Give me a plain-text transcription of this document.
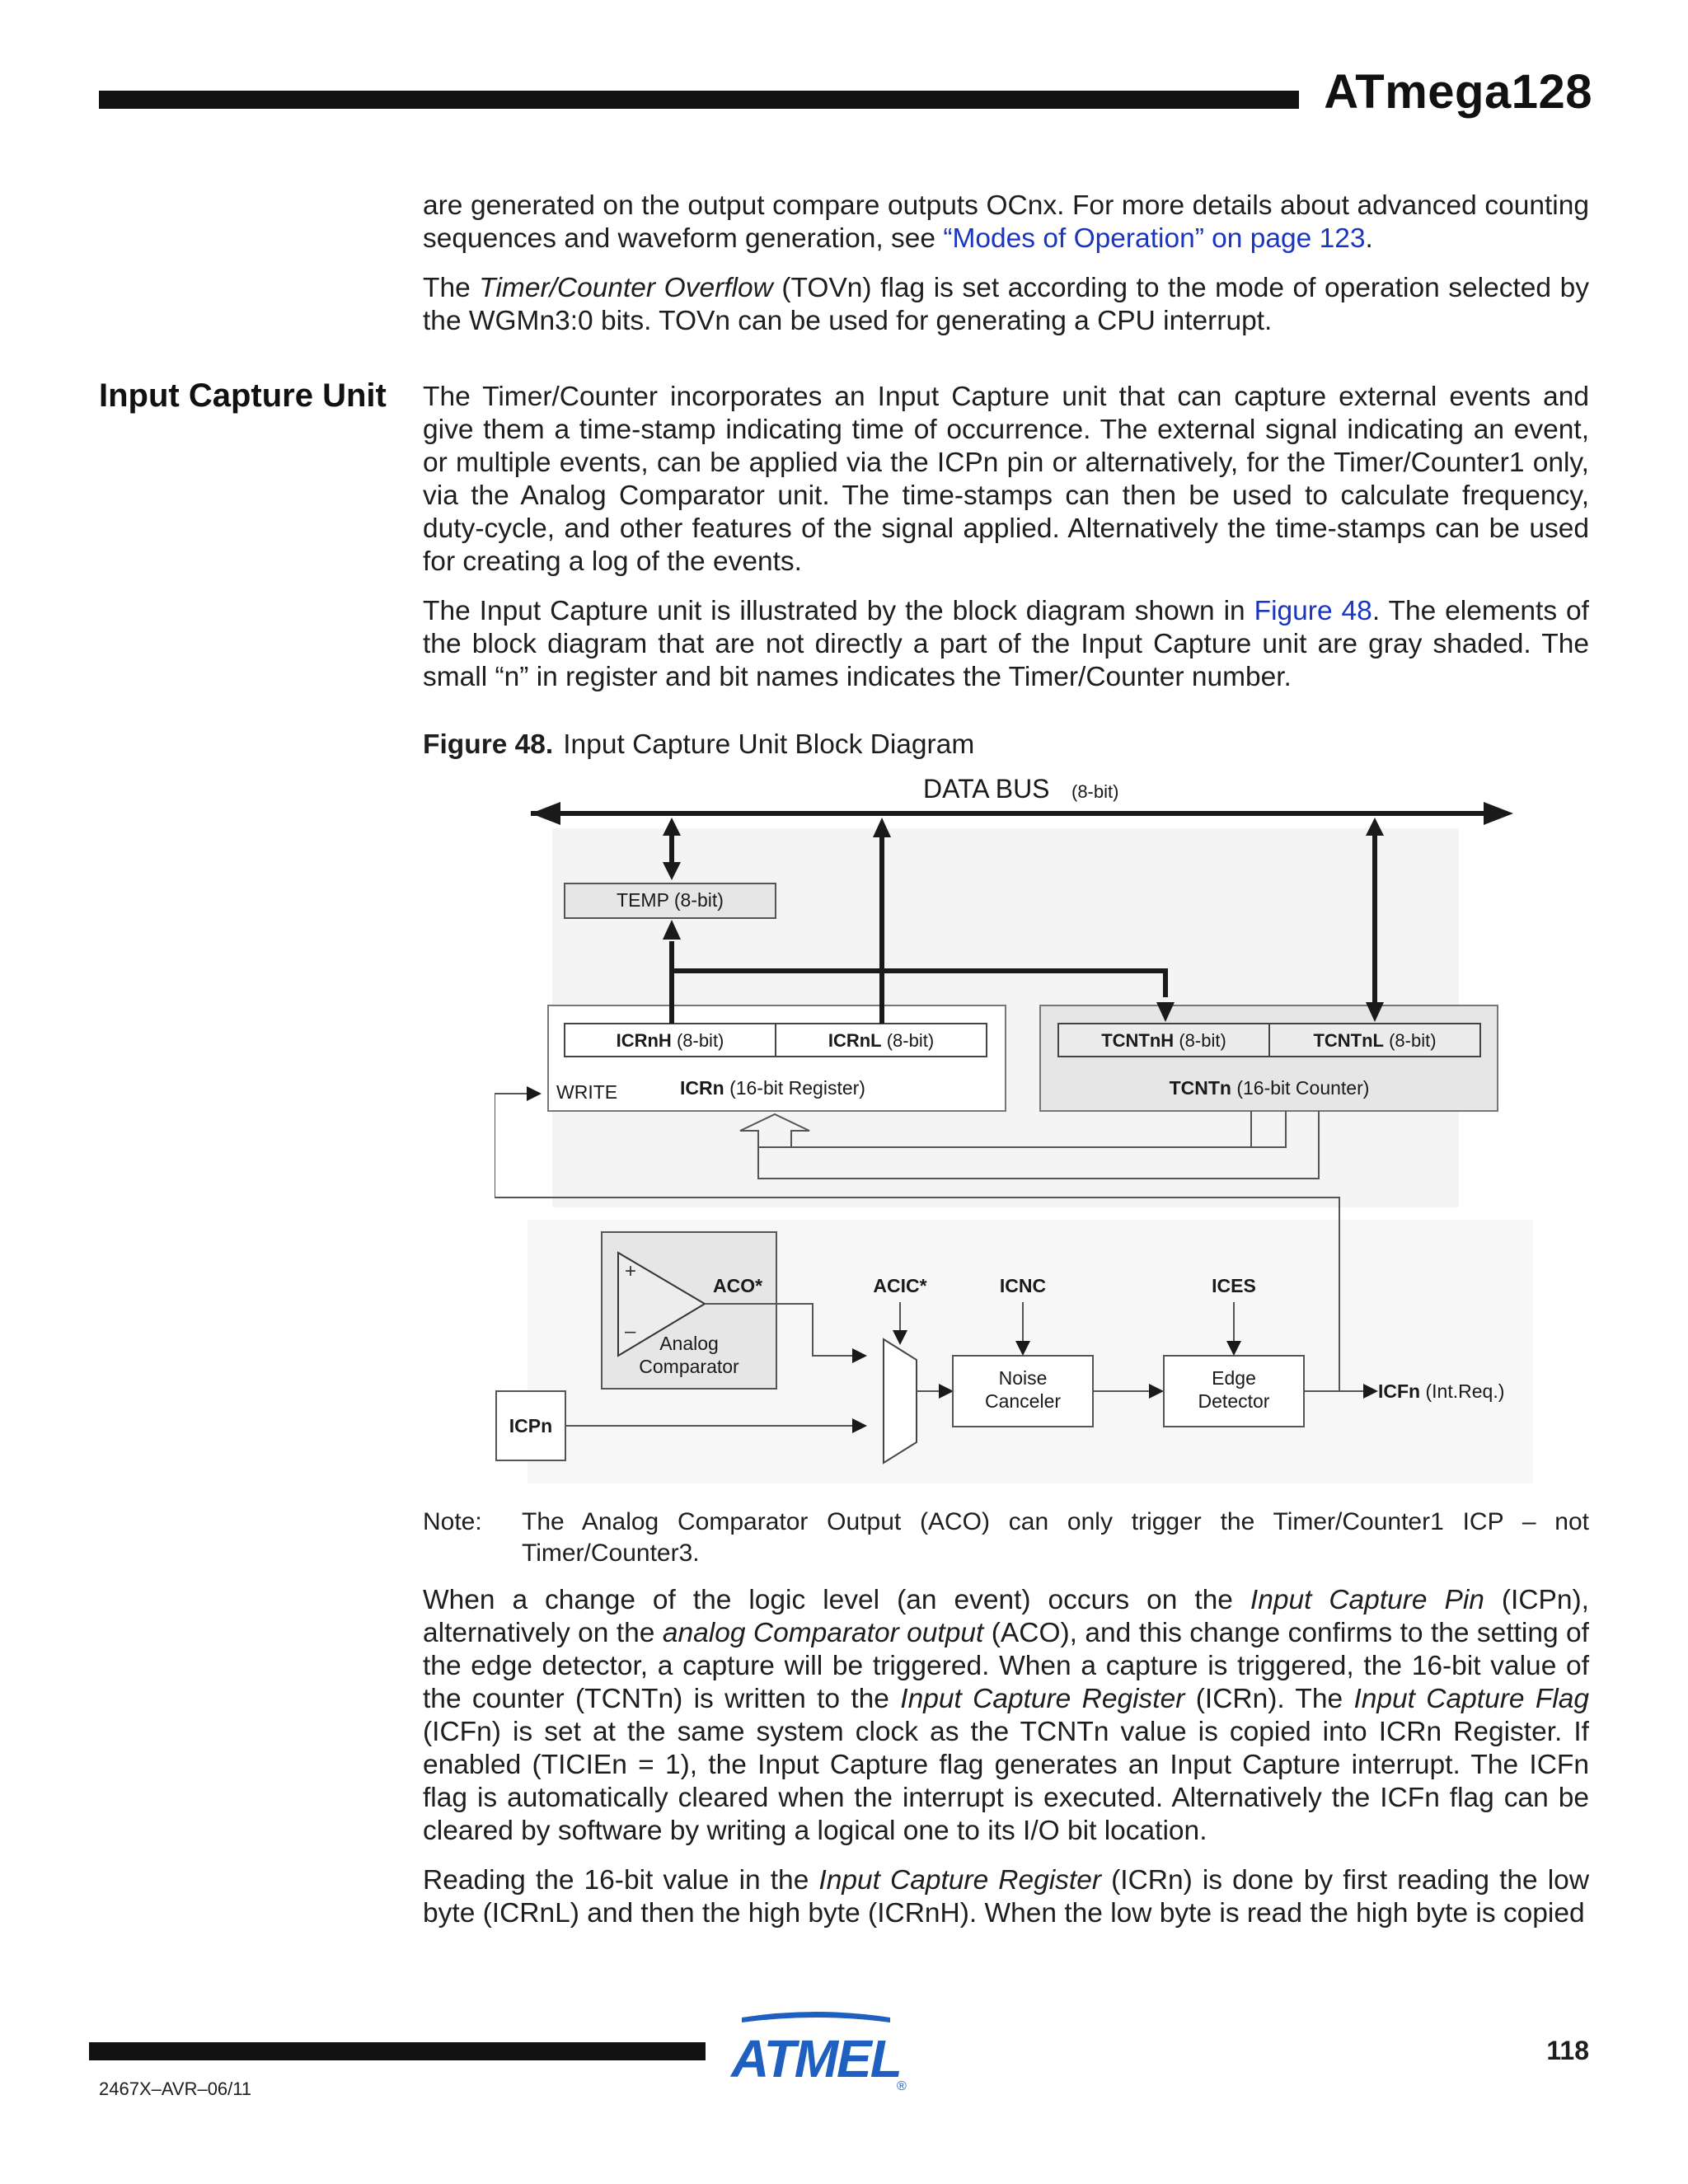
ATmega128

are generated on the output compare outputs OCnx. For more details about advanced counting sequences and waveform generation, see “Modes of Operation” on page 123.

The Timer/Counter Overflow (TOVn) flag is set according to the mode of operation selected by the WGMn3:0 bits. TOVn can be used for generating a CPU interrupt.

Input Capture Unit The Timer/Counter incorporates an Input Capture unit that can capture external events and give them a time-stamp indicating time of occurrence. The external signal indicating an event, or multiple events, can be applied via the ICPn pin or alternatively, for the Timer/Counter1 only, via the Analog Comparator unit. The time-stamps can then be used to calculate frequency, duty-cycle, and other features of the signal applied. Alternatively the time-stamps can be used for creating a log of the events.

The Input Capture unit is illustrated by the block diagram shown in Figure 48. The elements of the block diagram that are not directly a part of the Input Capture unit are gray shaded. The small “n” in register and bit names indicates the Timer/Counter number.

Figure 48. Input Capture Unit Block Diagram
DATA BUS (8-bit)
TEMP (8-bit)
ICRnH (8-bit)	ICRnL (8-bit)
WRITE	ICRn (16-bit Register)
TCNTnH (8-bit)	TCNTnL (8-bit)
TCNTn (16-bit Counter)
+
–
ACO*
Analog
Comparator
ICPn
ACIC*
Noise
Canceler
ICNC
Edge
Detector
ICES
ICFn (Int.Req.)
Note: The Analog Comparator Output (ACO) can only trigger the Timer/Counter1 ICP – not Timer/Counter3.

When a change of the logic level (an event) occurs on the Input Capture Pin (ICPn), alternatively on the analog Comparator output (ACO), and this change confirms to the setting of the edge detector, a capture will be triggered. When a capture is triggered, the 16-bit value of the counter (TCNTn) is written to the Input Capture Register (ICRn). The Input Capture Flag (ICFn) is set at the same system clock as the TCNTn value is copied into ICRn Register. If enabled (TICIEn = 1), the Input Capture flag generates an Input Capture interrupt. The ICFn flag is automatically cleared when the interrupt is executed. Alternatively the ICFn flag can be cleared by software by writing a logical one to its I/O bit location.

Reading the 16-bit value in the Input Capture Register (ICRn) is done by first reading the low byte (ICRnL) and then the high byte (ICRnH). When the low byte is read the high byte is copied

ATMEL
®
118
2467X–AVR–06/11
